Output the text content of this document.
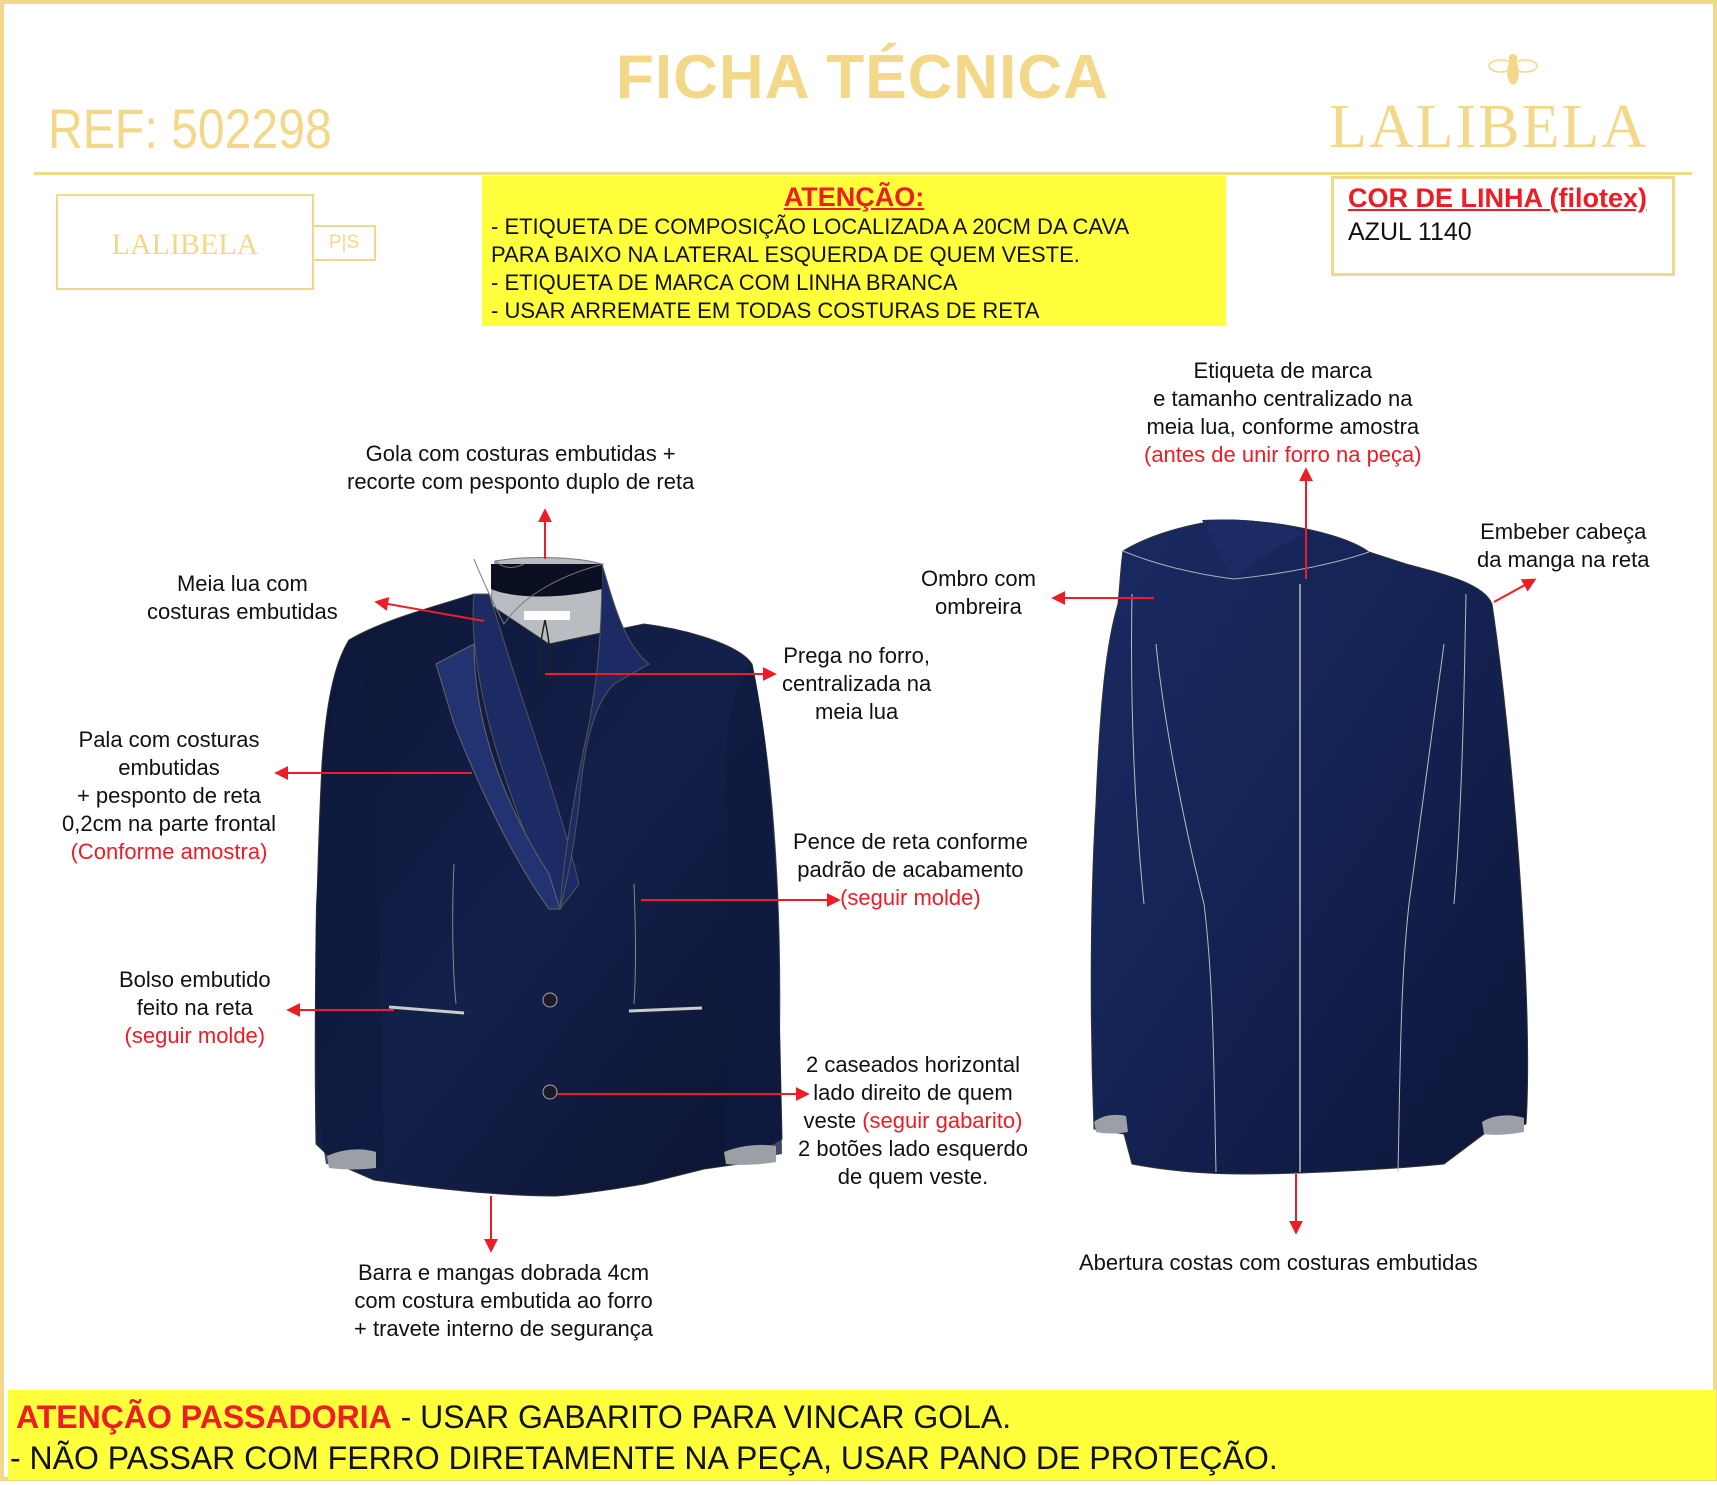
FICHA TÉCNICA
REF: 502298	LALIBELA
LALIBELA	P|S
ATENÇÃO:
- ETIQUETA DE COMPOSIÇÃO LOCALIZADA A 20CM DA CAVA
PARA BAIXO NA LATERAL ESQUERDA DE QUEM VESTE.
- ETIQUETA DE MARCA COM LINHA BRANCA
- USAR ARREMATE EM TODAS COSTURAS DE RETA
COR DE LINHA (filotex)
AZUL 1140
Gola com costuras embutidas +
recorte com pesponto duplo de reta
Meia lua com
costuras embutidas
Prega no forro,
centralizada na
meia lua
Pala com costuras
embutidas
+ pesponto de reta
0,2cm na parte frontal
(Conforme amostra)	Pence de reta conforme
padrão de acabamento
(seguir molde)
Bolso embutido
feito na reta
(seguir molde)
2 caseados horizontal
lado direito de quem
veste (seguir gabarito)
2 botões lado esquerdo
de quem veste.
Barra e mangas dobrada 4cm
com costura embutida ao forro
+ travete interno de segurança
Etiqueta de marca
e tamanho centralizado na
meia lua, conforme amostra
(antes de unir forro na peça)
Ombro com
ombreira
Embeber cabeça
da manga na reta
Abertura costas com costuras embutidas
ATENÇÃO PASSADORIA - USAR GABARITO PARA VINCAR GOLA.
- NÃO PASSAR COM FERRO DIRETAMENTE NA PEÇA, USAR PANO DE PROTEÇÃO.
